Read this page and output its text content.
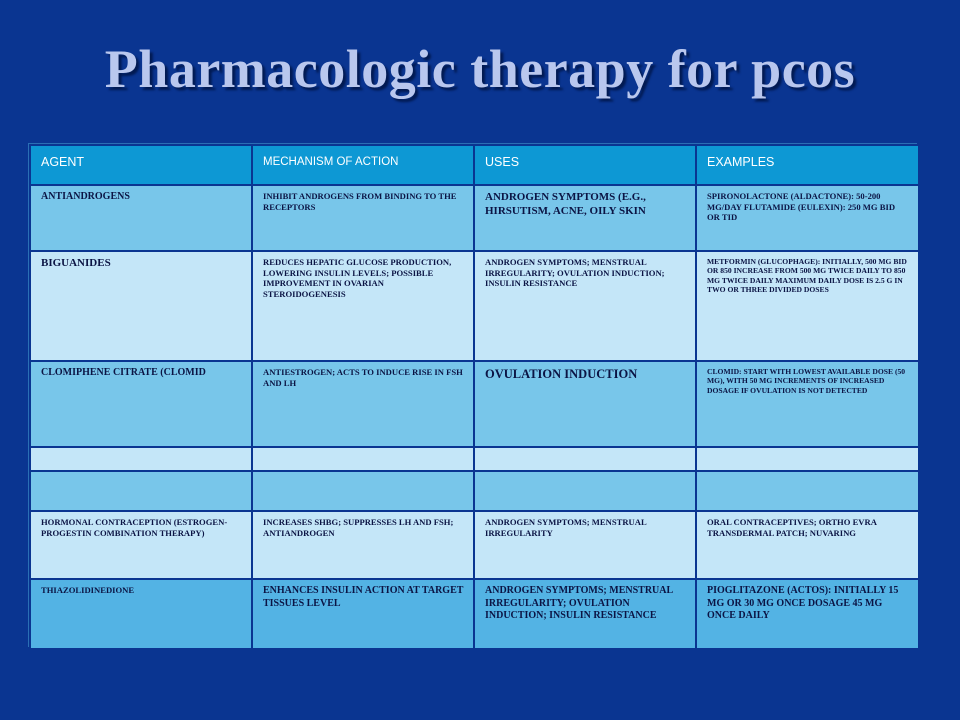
Pharmacologic therapy for pcos
AGENT	MECHANISM OF ACTION	USES	EXAMPLES
ANTIANDROGENS	INHIBIT ANDROGENS FROM BINDING TO THE RECEPTORS	ANDROGEN SYMPTOMS (E.G., HIRSUTISM, ACNE, OILY SKIN	SPIRONOLACTONE (ALDACTONE): 50-200 MG/DAY FLUTAMIDE (EULEXIN): 250 MG BID OR TID
BIGUANIDES	REDUCES HEPATIC GLUCOSE PRODUCTION, LOWERING INSULIN LEVELS; POSSIBLE IMPROVEMENT IN OVARIAN STEROIDOGENESIS	ANDROGEN SYMPTOMS; MENSTRUAL IRREGULARITY; OVULATION INDUCTION; INSULIN RESISTANCE	METFORMIN (GLUCOPHAGE): INITIALLY, 500 MG BID OR 850 INCREASE FROM 500 MG TWICE DAILY TO 850 MG TWICE DAILY MAXIMUM DAILY DOSE IS 2.5 G IN TWO OR THREE DIVIDED DOSES
CLOMIPHENE CITRATE (CLOMID	ANTIESTROGEN; ACTS TO INDUCE RISE IN FSH AND LH	OVULATION INDUCTION	CLOMID: START WITH LOWEST AVAILABLE DOSE (50 MG), WITH 50 MG INCREMENTS OF INCREASED DOSAGE IF OVULATION IS NOT DETECTED

HORMONAL CONTRACEPTION (ESTROGEN-PROGESTIN COMBINATION THERAPY)	INCREASES SHBG; SUPPRESSES LH AND FSH; ANTIANDROGEN	ANDROGEN SYMPTOMS; MENSTRUAL IRREGULARITY	ORAL CONTRACEPTIVES; ORTHO EVRA TRANSDERMAL PATCH; NUVARING
THIAZOLIDINEDIONE	ENHANCES INSULIN ACTION AT TARGET TISSUES LEVEL	ANDROGEN SYMPTOMS; MENSTRUAL IRREGULARITY; OVULATION INDUCTION; INSULIN RESISTANCE	PIOGLITAZONE (ACTOS): INITIALLY 15 MG OR 30 MG ONCE DOSAGE 45 MG ONCE DAILY
